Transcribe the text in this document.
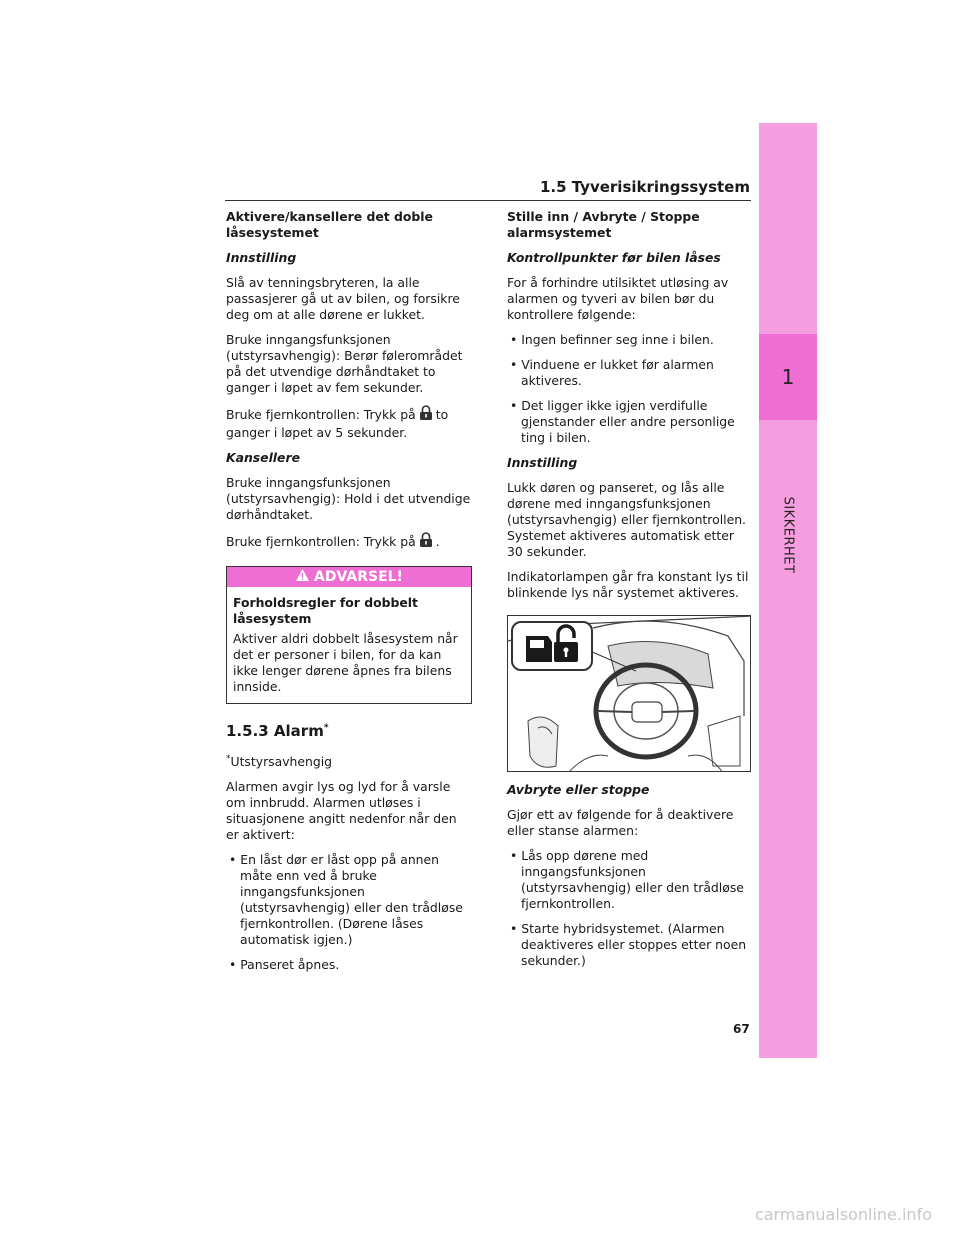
1
SIKKERHET
1.5 Tyverisikringssystem

Aktivere/kansellere det doble låsesystemet

Innstilling

Slå av tenningsbryteren, la alle passasjerer gå ut av bilen, og forsikre deg om at alle dørene er lukket.

Bruke inngangsfunksjonen (utstyrsavhengig): Berør følerområdet på det utvendige dørhåndtaket to ganger i løpet av fem sekunder.

Bruke fjernkontrollen: Trykk på to ganger i løpet av 5 sekunder.

Kansellere

Bruke inngangsfunksjonen (utstyrsavhengig): Hold i det utvendige dørhåndtaket.

Bruke fjernkontrollen: Trykk på .

ADVARSEL!

Forholdsregler for dobbelt låsesystem

Aktiver aldri dobbelt låsesystem når det er personer i bilen, for da kan ikke lenger dørene åpnes fra bilens innside.

1.5.3 Alarm*

*Utstyrsavhengig

Alarmen avgir lys og lyd for å varsle om innbrudd. Alarmen utløses i situasjonene angitt nedenfor når den er aktivert:

• En låst dør er låst opp på annen måte enn ved å bruke inngangsfunksjonen (utstyrsavhengig) eller den trådløse fjernkontrollen. (Dørene låses automatisk igjen.)

• Panseret åpnes.

Stille inn / Avbryte / Stoppe alarmsystemet

Kontrollpunkter før bilen låses

For å forhindre utilsiktet utløsing av alarmen og tyveri av bilen bør du kontrollere følgende:

• Ingen befinner seg inne i bilen.

• Vinduene er lukket før alarmen aktiveres.

• Det ligger ikke igjen verdifulle gjenstander eller andre personlige ting i bilen.

Innstilling

Lukk døren og panseret, og lås alle dørene med inngangsfunksjonen (utstyrsavhengig) eller fjernkontrollen. Systemet aktiveres automatisk etter 30 sekunder.

Indikatorlampen går fra konstant lys til blinkende lys når systemet aktiveres.

Avbryte eller stoppe

Gjør ett av følgende for å deaktivere eller stanse alarmen:

• Lås opp dørene med inngangsfunksjonen (utstyrsavhengig) eller den trådløse fjernkontrollen.

• Starte hybridsystemet. (Alarmen deaktiveres eller stoppes etter noen sekunder.)

67
carmanualsonline.info
